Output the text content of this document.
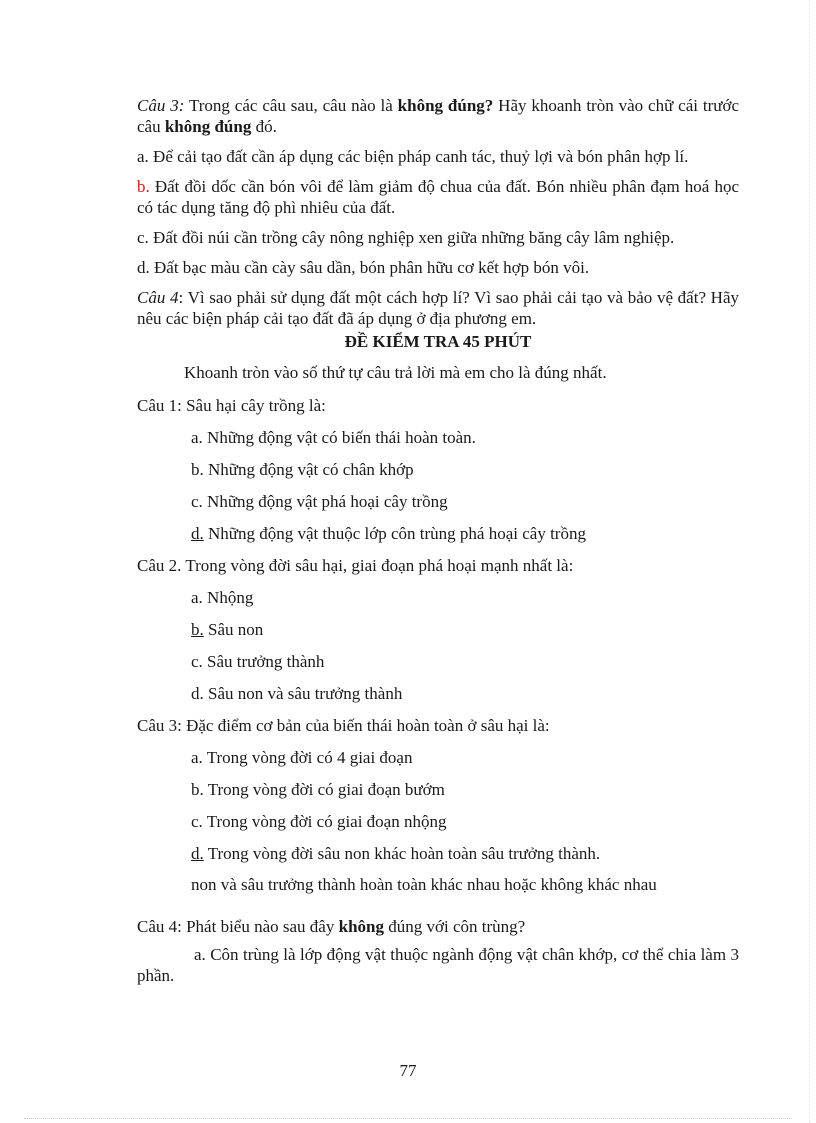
Câu 3: Trong các câu sau, câu nào là không đúng? Hãy khoanh tròn vào chữ cái trước câu không đúng đó.

a. Để cải tạo đất cần áp dụng các biện pháp canh tác, thuỷ lợi và bón phân hợp lí.

b. Đất đồi dốc cần bón vôi để làm giảm độ chua của đất. Bón nhiều phân đạm hoá học có tác dụng tăng độ phì nhiêu của đất.

c. Đất đồi núi cần trồng cây nông nghiệp xen giữa những băng cây lâm nghiệp.

d. Đất bạc màu cần cày sâu dần, bón phân hữu cơ kết hợp bón vôi.

Câu 4: Vì sao phải sử dụng đất một cách hợp lí? Vì sao phải cải tạo và bảo vệ đất? Hãy nêu các biện pháp cải tạo đất đã áp dụng ở địa phương em.

ĐỀ KIỂM TRA 45 PHÚT

Khoanh tròn vào số thứ tự câu trả lời mà em cho là đúng nhất.

Câu 1: Sâu hại cây trồng là:

a. Những động vật có biến thái hoàn toàn.

b. Những động vật có chân khớp

c. Những động vật phá hoại cây trồng

d. Những động vật thuộc lớp côn trùng phá hoại cây trồng

Câu 2. Trong vòng đời sâu hại, giai đoạn phá hoại mạnh nhất là:

a. Nhộng

b. Sâu non

c. Sâu trưởng thành

d. Sâu non và sâu trưởng thành

Câu 3: Đặc điểm cơ bản của biến thái hoàn toàn ở sâu hại là:

a. Trong vòng đời có 4 giai đoạn

b. Trong vòng đời có giai đoạn bướm

c. Trong vòng đời có giai đoạn nhộng

d. Trong vòng đời sâu non khác hoàn toàn sâu trưởng thành.

non và sâu trưởng thành hoàn toàn khác nhau hoặc không khác nhau

Câu 4: Phát biểu nào sau đây không đúng với côn trùng?

a. Côn trùng là lớp động vật thuộc ngành động vật chân khớp, cơ thể chia làm 3 phần.

77
